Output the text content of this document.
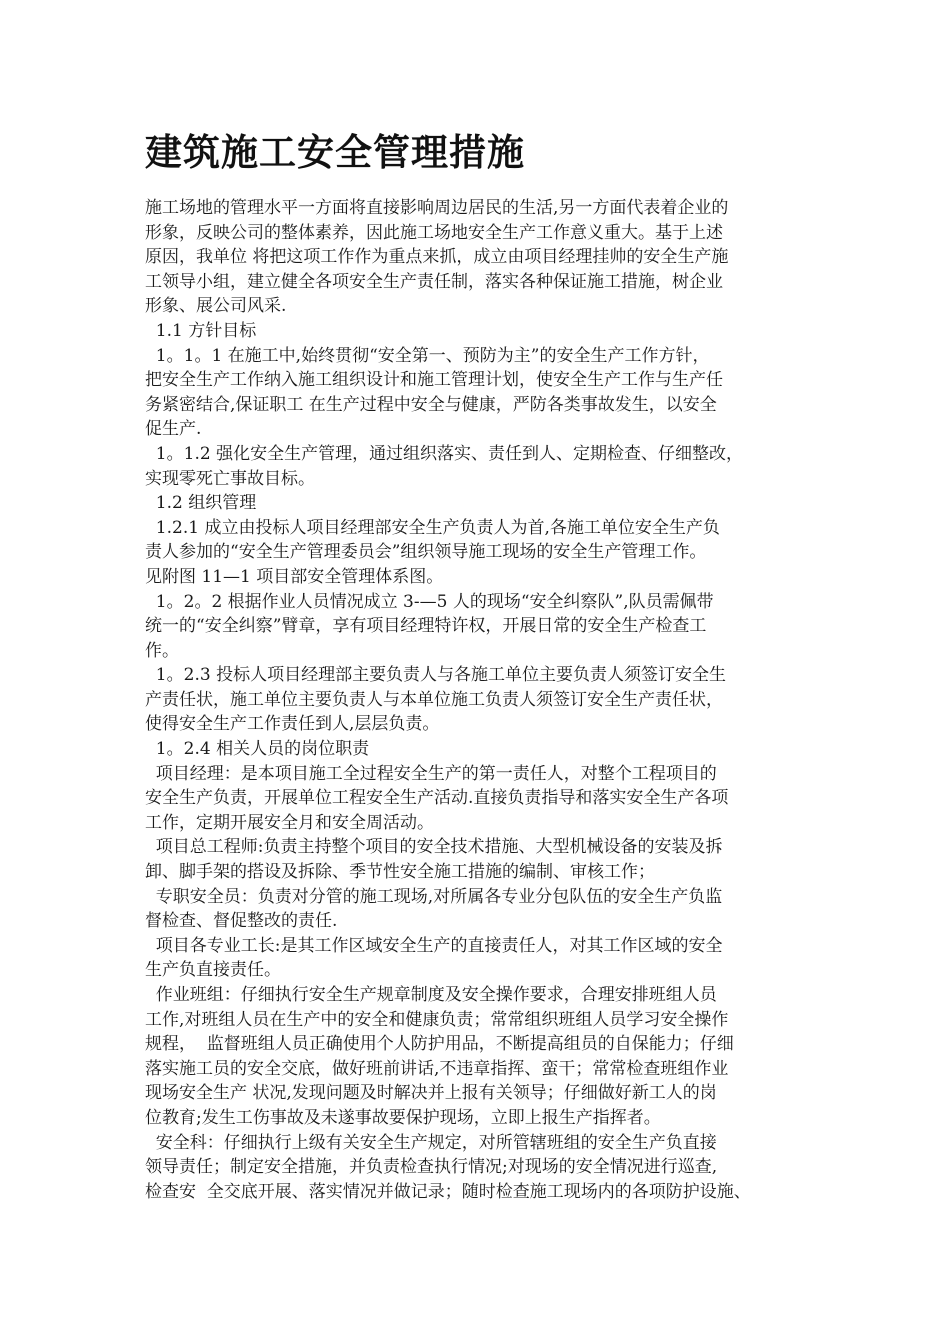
建筑施工安全管理措施
施工场地的管理水平一方面将直接影响周边居民的生活,另一方面代表着企业的
形象，反映公司的整体素养，因此施工场地安全生产工作意义重大。基于上述
原因，我单位 将把这项工作作为重点来抓，成立由项目经理挂帅的安全生产施
工领导小组，建立健全各项安全生产责任制，落实各种保证施工措施，树企业
形象、展公司风采.
1.1 方针目标
1。1。1 在施工中,始终贯彻“安全第一、预防为主”的安全生产工作方针，
把安全生产工作纳入施工组织设计和施工管理计划，使安全生产工作与生产任
务紧密结合,保证职工 在生产过程中安全与健康，严防各类事故发生，以安全
促生产.
1。1.2 强化安全生产管理，通过组织落实、责任到人、定期检查、仔细整改，
实现零死亡事故目标。
1.2 组织管理
1.2.1 成立由投标人项目经理部安全生产负责人为首,各施工单位安全生产负
责人参加的“安全生产管理委员会”组织领导施工现场的安全生产管理工作。
见附图 11—1 项目部安全管理体系图。
1。2。2 根据作业人员情况成立 3-—5 人的现场“安全纠察队”,队员需佩带
统一的“安全纠察”臂章，享有项目经理特许权，开展日常的安全生产检查工
作。
1。2.3 投标人项目经理部主要负责人与各施工单位主要负责人须签订安全生
产责任状，施工单位主要负责人与本单位施工负责人须签订安全生产责任状，
使得安全生产工作责任到人,层层负责。
1。2.4 相关人员的岗位职责
项目经理：是本项目施工全过程安全生产的第一责任人，对整个工程项目的
安全生产负责，开展单位工程安全生产活动.直接负责指导和落实安全生产各项
工作，定期开展安全月和安全周活动。
项目总工程师:负责主持整个项目的安全技术措施、大型机械设备的安装及拆
卸、脚手架的搭设及拆除、季节性安全施工措施的编制、审核工作；
专职安全员：负责对分管的施工现场,对所属各专业分包队伍的安全生产负监
督检查、督促整改的责任.
项目各专业工长:是其工作区域安全生产的直接责任人，对其工作区域的安全
生产负直接责任。
作业班组：仔细执行安全生产规章制度及安全操作要求，合理安排班组人员
工作,对班组人员在生产中的安全和健康负责；常常组织班组人员学习安全操作
规程，  监督班组人员正确使用个人防护用品，不断提高组员的自保能力；仔细
落实施工员的安全交底，做好班前讲话,不违章指挥、蛮干；常常检查班组作业
现场安全生产 状况,发现问题及时解决并上报有关领导；仔细做好新工人的岗
位教育;发生工伤事故及未遂事故要保护现场，立即上报生产指挥者。
安全科：仔细执行上级有关安全生产规定，对所管辖班组的安全生产负直接
领导责任；制定安全措施，并负责检查执行情况;对现场的安全情况进行巡查,
检查安  全交底开展、落实情况并做记录；随时检查施工现场内的各项防护设施、
